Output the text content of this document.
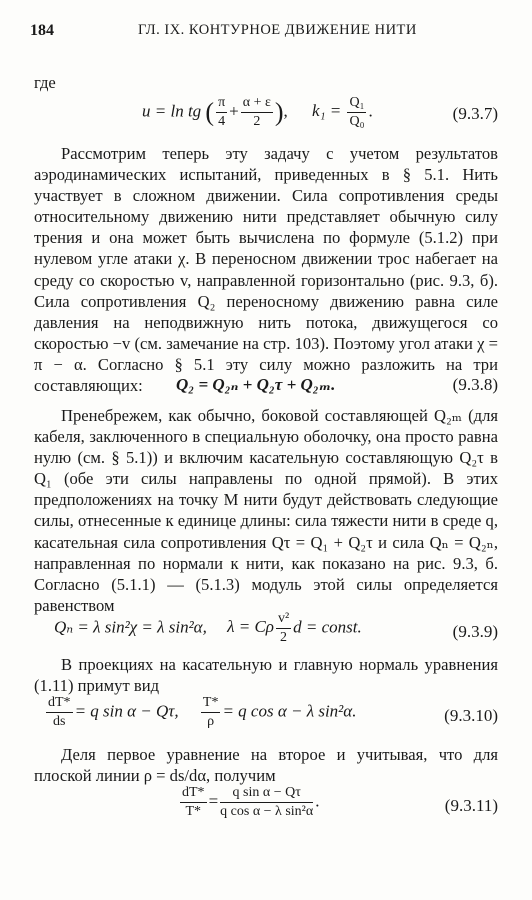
184	ГЛ. IX. КОНТУРНОЕ ДВИЖЕНИЕ НИТИ
где
u = ln tg ( $\frac{\pi}{4} + \frac{\alpha + \varepsilon}{2}$ ), $k_1 = \frac{\text{Q₁}}{\text{Q₀}}$ .	(9.3.7)
Рассмотрим теперь эту задачу с учетом результатов аэродинамических испытаний, приведенных в § 5.1. Нить участвует в сложном движении. Сила сопротивления среды относительному движению нити представляет обычную силу трения и она может быть вычислена по формуле (5.1.2) при нулевом угле атаки χ. В переносном движении трос набегает на среду со скоростью v, направленной горизонтально (рис. 9.3, б). Сила сопротивления Q₂ переносному движению равна силе давления на неподвижную нить потока, движущегося со скоростью −v (см. замечание на стр. 103). Поэтому угол атаки χ = π − α. Согласно § 5.1 эту силу можно разложить на три составляющих:	Q₂ = Q₂ₙ + Q₂τ + Q₂ₘ.	(9.3.8)
Пренебрежем, как обычно, боковой составляющей Q₂ₘ (для кабеля, заключенного в специальную оболочку, она просто равна нулю (см. § 5.1)) и включим касательную составляющую Q₂τ в Q₁ (обе эти силы направлены по одной прямой). В этих предположениях на точку M нити будут действовать следующие силы, отнесенные к единице длины: сила тяжести нити в среде q, касательная сила сопротивления Qτ = Q₁ + Q₂τ и сила Qₙ = Q₂ₙ, направленная по нормали к нити, как показано на рис. 9.3, б. Согласно (5.1.1) — (5.1.3) модуль этой силы определяется равенством
Qₙ = λ sin²χ = λ sin²α, λ = Cρ $\frac{\text{v²}}{2}$ d = const.	(9.3.9)
В проекциях на касательную и главную нормаль уравнения (1.11) примут вид
$\frac{dT*}{ds} = q$ sin α − Qτ, $\frac{T*}{\rho} = q$ cos α − λ sin²α.	(9.3.10)
Деля первое уравнение на второе и учитывая, что для плоской линии ρ = ds/dα, получим
$\frac{dT*}{T*} = \frac{\text{q sin α − Qτ}}{\text{q cos α − λ sin²α}}$ .	(9.3.11)
